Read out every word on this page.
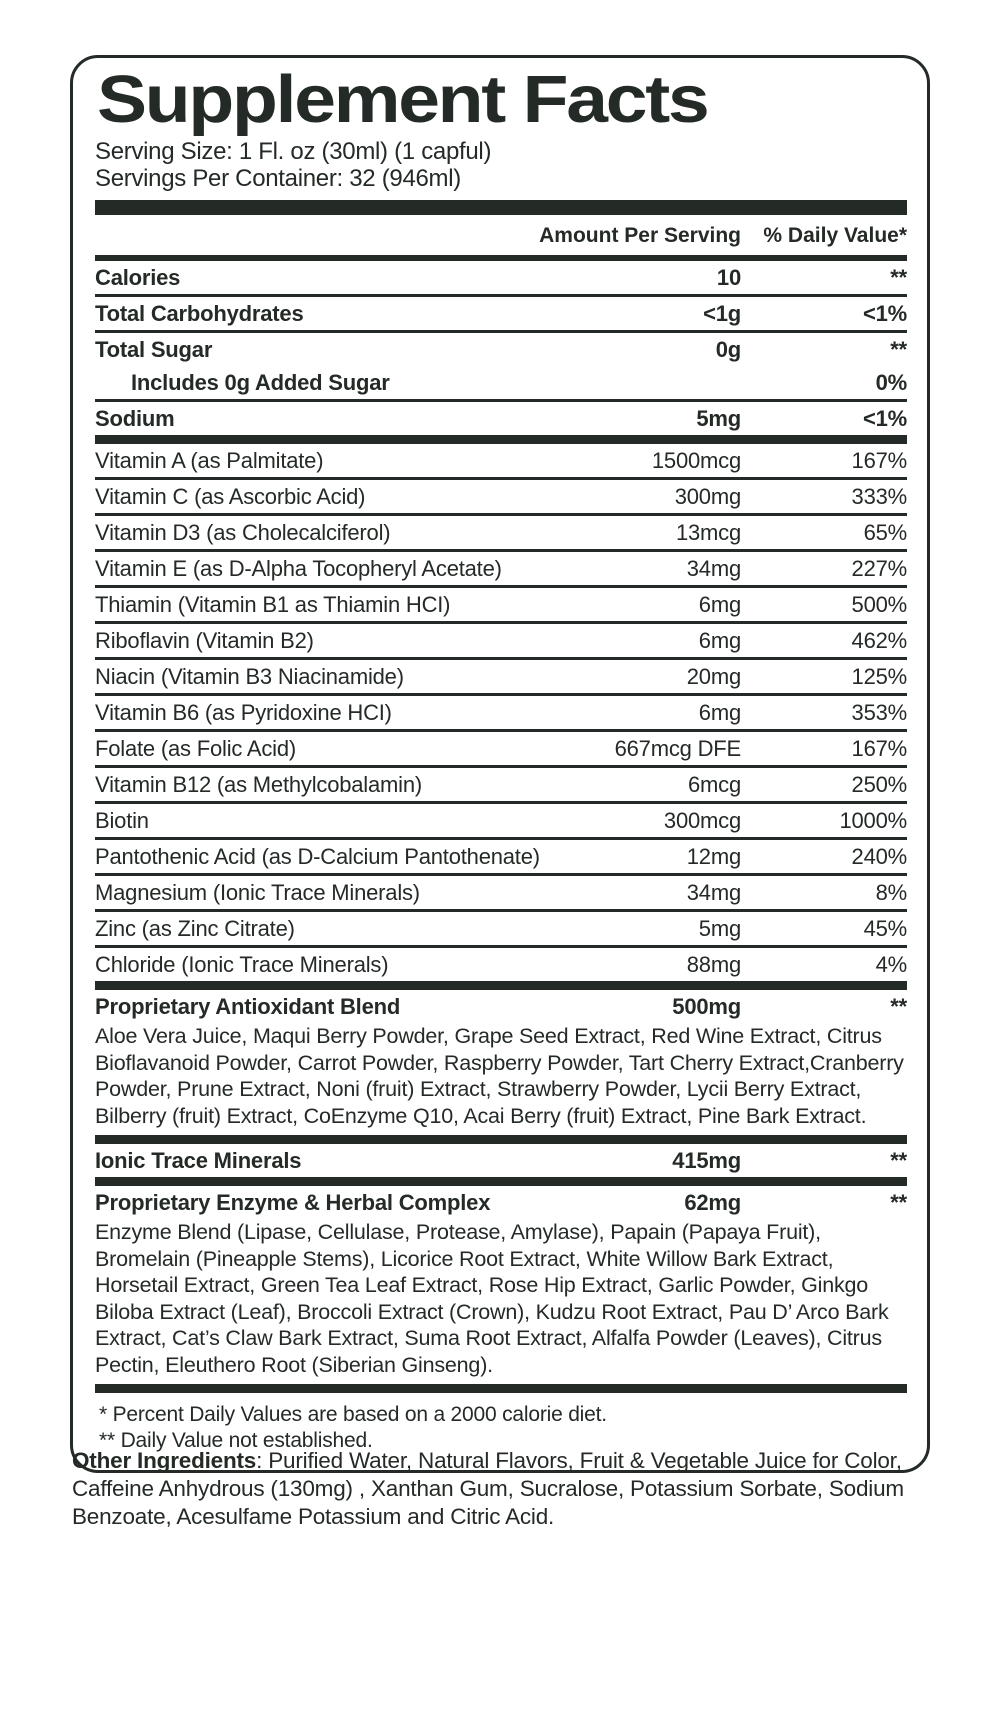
Supplement Facts
Serving Size: 1 Fl. oz (30ml) (1 capful)
Servings Per Container: 32 (946ml)
Amount Per Serving	% Daily Value*
Calories	10	**
Total Carbohydrates	<1g	<1%
Total Sugar	0g	**
Includes 0g Added Sugar	0%
Sodium	5mg	<1%
Vitamin A (as Palmitate)	1500mcg	167%
Vitamin C (as Ascorbic Acid)	300mg	333%
Vitamin D3 (as Cholecalciferol)	13mcg	65%
Vitamin E (as D-Alpha Tocopheryl Acetate)	34mg	227%
Thiamin (Vitamin B1 as Thiamin HCI)	6mg	500%
Riboflavin (Vitamin B2)	6mg	462%
Niacin (Vitamin B3 Niacinamide)	20mg	125%
Vitamin B6 (as Pyridoxine HCI)	6mg	353%
Folate (as Folic Acid)	667mcg DFE	167%
Vitamin B12 (as Methylcobalamin)	6mcg	250%
Biotin	300mcg	1000%
Pantothenic Acid (as D-Calcium Pantothenate)	12mg	240%
Magnesium (Ionic Trace Minerals)	34mg	8%
Zinc (as Zinc Citrate)	5mg	45%
Chloride (Ionic Trace Minerals)	88mg	4%
Proprietary Antioxidant Blend	500mg	**
Aloe Vera Juice, Maqui Berry Powder, Grape Seed Extract, Red Wine Extract, Citrus Bioflavanoid Powder, Carrot Powder, Raspberry Powder, Tart Cherry Extract,Cranberry Powder, Prune Extract, Noni (fruit) Extract, Strawberry Powder, Lycii Berry Extract, Bilberry (fruit) Extract, CoEnzyme Q10, Acai Berry (fruit) Extract, Pine Bark Extract.
Ionic Trace Minerals	415mg	**
Proprietary Enzyme & Herbal Complex	62mg	**
Enzyme Blend (Lipase, Cellulase, Protease, Amylase), Papain (Papaya Fruit), Bromelain (Pineapple Stems), Licorice Root Extract, White Willow Bark Extract, Horsetail Extract, Green Tea Leaf Extract, Rose Hip Extract, Garlic Powder, Ginkgo Biloba Extract (Leaf), Broccoli Extract (Crown), Kudzu Root Extract, Pau D’ Arco Bark Extract, Cat’s Claw Bark Extract, Suma Root Extract, Alfalfa Powder (Leaves), Citrus Pectin, Eleuthero Root (Siberian Ginseng).
* Percent Daily Values are based on a 2000 calorie diet.
** Daily Value not established.

Other Ingredients: Purified Water, Natural Flavors, Fruit & Vegetable Juice for Color, Caffeine Anhydrous (130mg) , Xanthan Gum, Sucralose, Potassium Sorbate, Sodium Benzoate, Acesulfame Potassium and Citric Acid.
